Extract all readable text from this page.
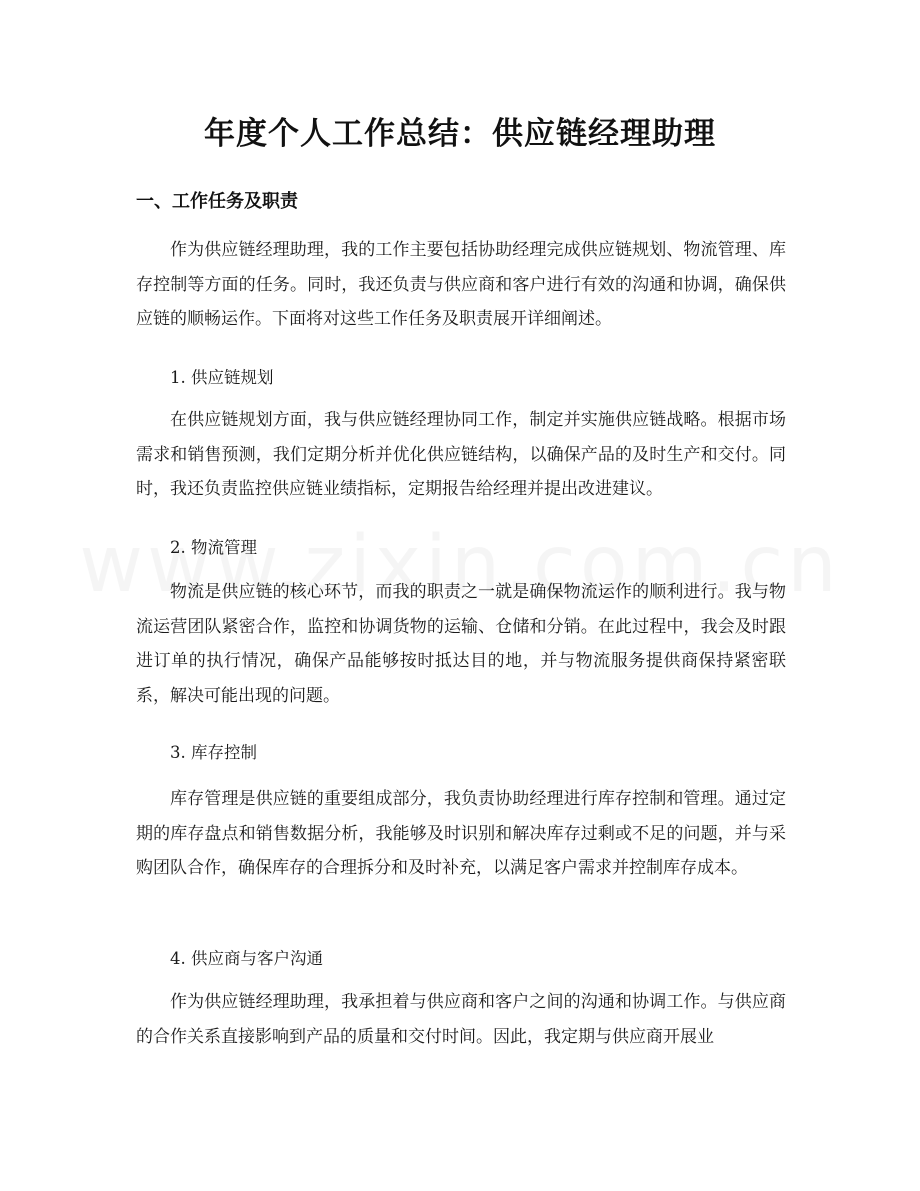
年度个人工作总结：供应链经理助理
一、工作任务及职责
作为供应链经理助理，我的工作主要包括协助经理完成供应链规划、物流管理、库存控制等方面的任务。同时，我还负责与供应商和客户进行有效的沟通和协调，确保供应链的顺畅运作。下面将对这些工作任务及职责展开详细阐述。
1. 供应链规划
在供应链规划方面，我与供应链经理协同工作，制定并实施供应链战略。根据市场需求和销售预测，我们定期分析并优化供应链结构，以确保产品的及时生产和交付。同时，我还负责监控供应链业绩指标，定期报告给经理并提出改进建议。
2. 物流管理
物流是供应链的核心环节，而我的职责之一就是确保物流运作的顺利进行。我与物流运营团队紧密合作，监控和协调货物的运输、仓储和分销。在此过程中，我会及时跟进订单的执行情况，确保产品能够按时抵达目的地，并与物流服务提供商保持紧密联系，解决可能出现的问题。
3. 库存控制
库存管理是供应链的重要组成部分，我负责协助经理进行库存控制和管理。通过定期的库存盘点和销售数据分析，我能够及时识别和解决库存过剩或不足的问题，并与采购团队合作，确保库存的合理拆分和及时补充，以满足客户需求并控制库存成本。
4. 供应商与客户沟通
作为供应链经理助理，我承担着与供应商和客户之间的沟通和协调工作。与供应商的合作关系直接影响到产品的质量和交付时间。因此，我定期与供应商开展业
